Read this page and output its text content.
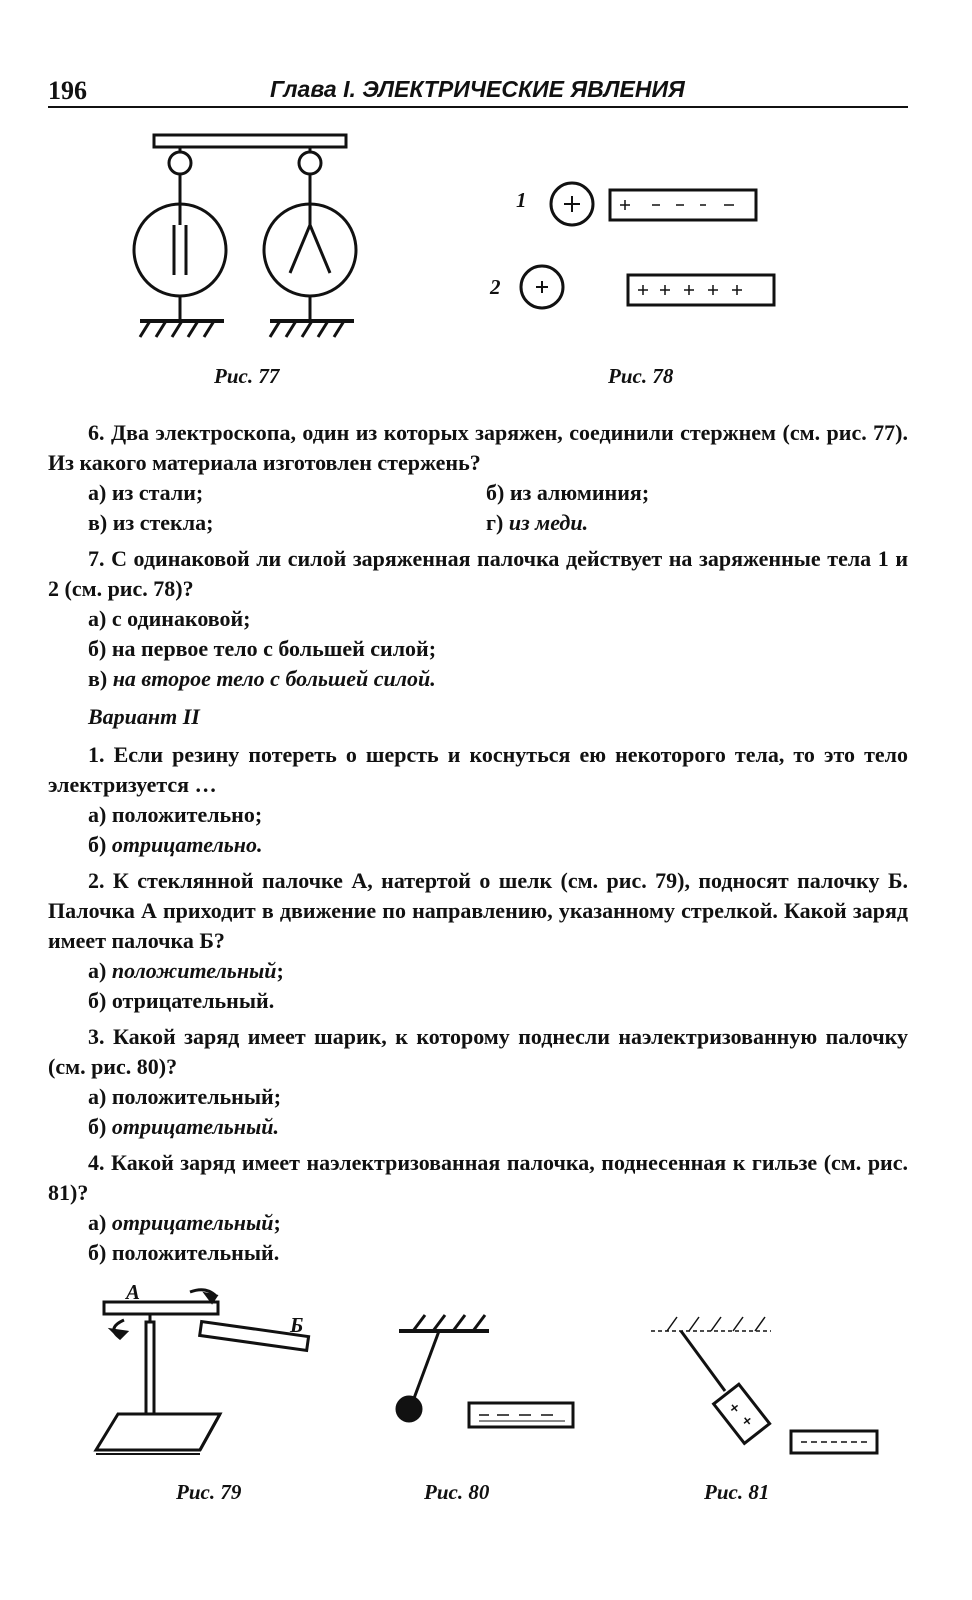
196	Глава I. ЭЛЕКТРИЧЕСКИЕ ЯВЛЕНИЯ
Рис. 77
1
2
Рис. 78

6. Два электроскопа, один из которых заряжен, соединили стержнем (см. рис. 77). Из какого материала изготовлен стержень?

а) из стали;	б) из алюминия;
в) из стекла;	г) из меди.

7. С одинаковой ли силой заряженная палочка действует на заряженные тела 1 и 2 (см. рис. 78)?

а) с одинаковой;
б) на первое тело с большей силой;
в) на второе тело с большей силой.
Вариант II

1. Если резину потереть о шерсть и коснуться ею некоторого тела, то это тело электризуется …

а) положительно;
б) отрицательно.

2. К стеклянной палочке А, натертой о шелк (см. рис. 79), подносят палочку Б. Палочка А приходит в движение по направлению, указанному стрелкой. Какой заряд имеет палочка Б?

а) положительный;
б) отрицательный.

3. Какой заряд имеет шарик, к которому поднесли наэлектризованную палочку (см. рис. 80)?

а) положительный;
б) отрицательный.

4. Какой заряд имеет наэлектризованная палочка, поднесенная к гильзе (см. рис. 81)?

а) отрицательный;
б) положительный.
А
Б
Рис. 79	Рис. 80	Рис. 81
